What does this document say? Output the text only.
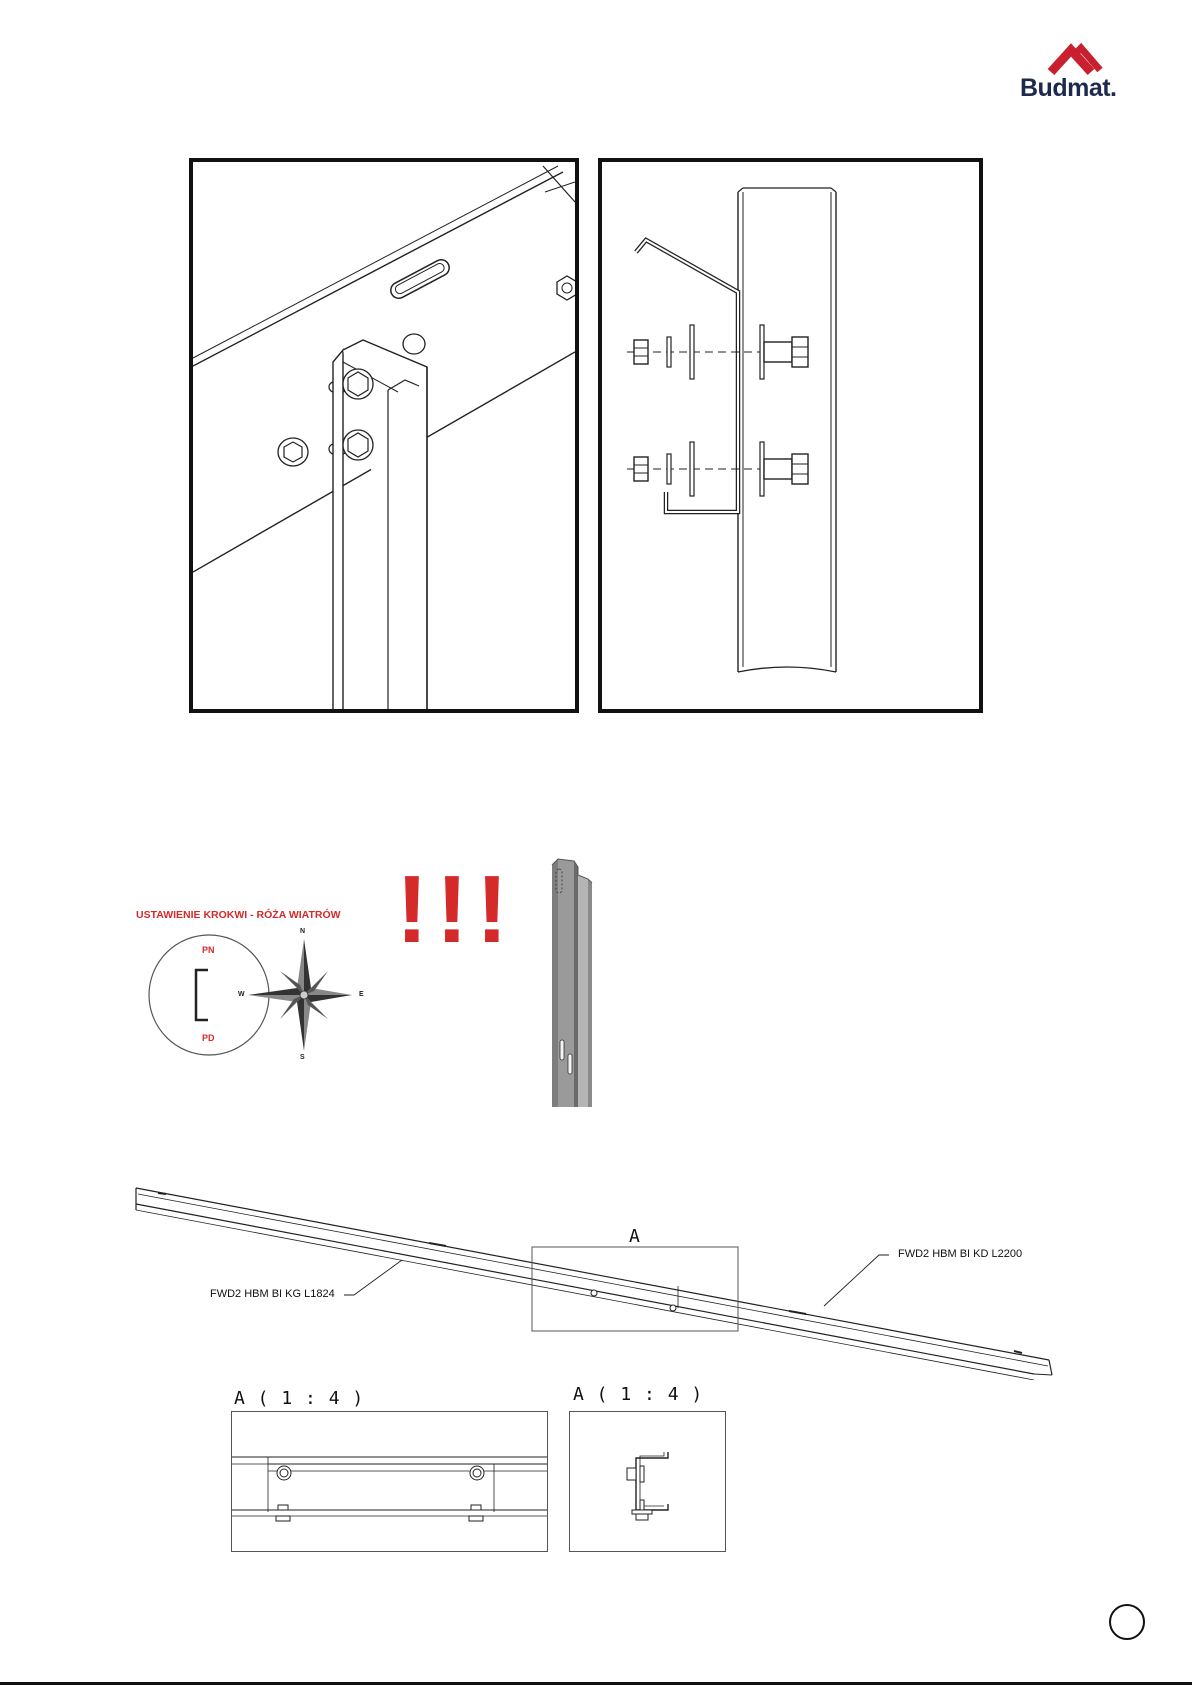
Budmat.
USTAWIENIE KROKWI - RÓŻA WIATRÓW
PN
PD
W
N
S
E
!!!
A
FWD2 HBM BI KG L1824
FWD2 HBM BI KD L2200
A ( 1 : 4 )	A ( 1 : 4 )
